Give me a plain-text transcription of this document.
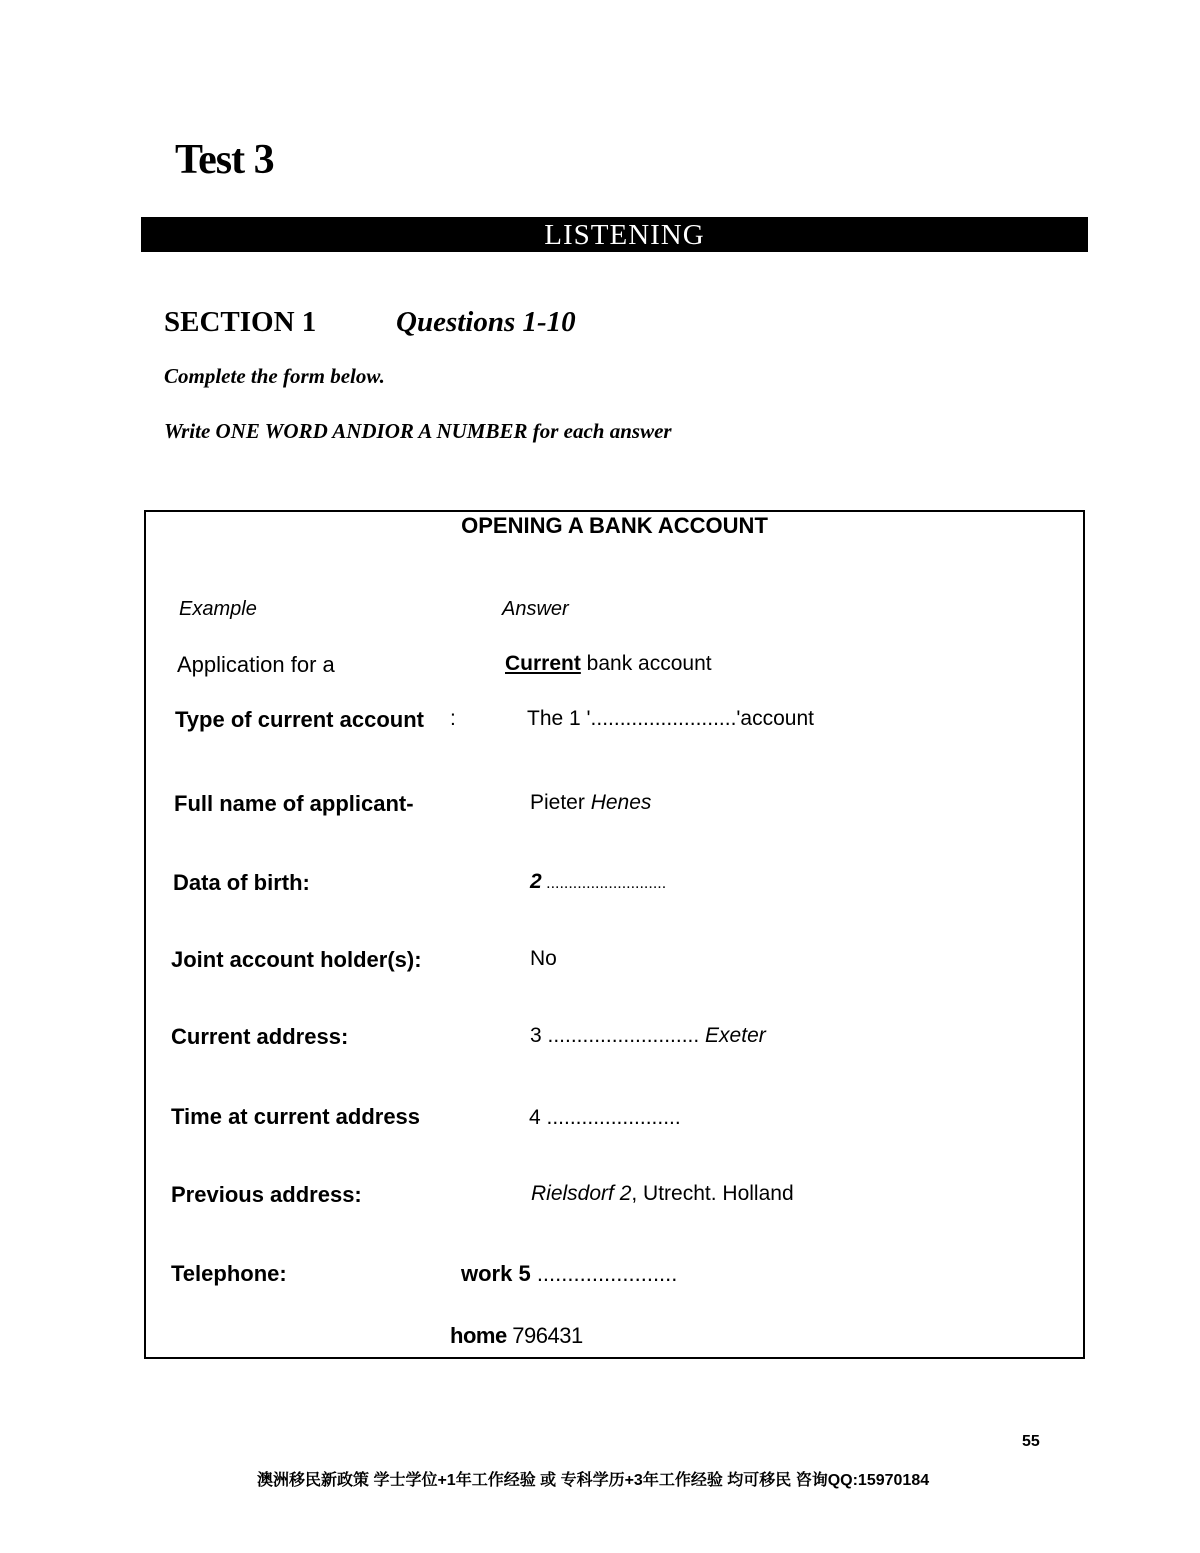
Test 3
LISTENING
SECTION 1	Questions 1-10
Complete the form below.
Write ONE WORD ANDIOR A NUMBER for each answer
OPENING A BANK ACCOUNT
Example	Answer
Application for a	Current bank account
Type of current account :	The 1 '.........................'account
Full name of applicant-	Pieter Henes
Data of birth:	2 ...........................
Joint account holder(s):	No
Current address:	3 .......................... Exeter
Time at current address	4 .......................
Previous address:	Rielsdorf 2, Utrecht. Holland
Telephone:	work 5 .......................
home 796431
55
澳洲移民新政策 学士学位+1年工作经验 或 专科学历+3年工作经验 均可移民 咨询QQ:15970184
